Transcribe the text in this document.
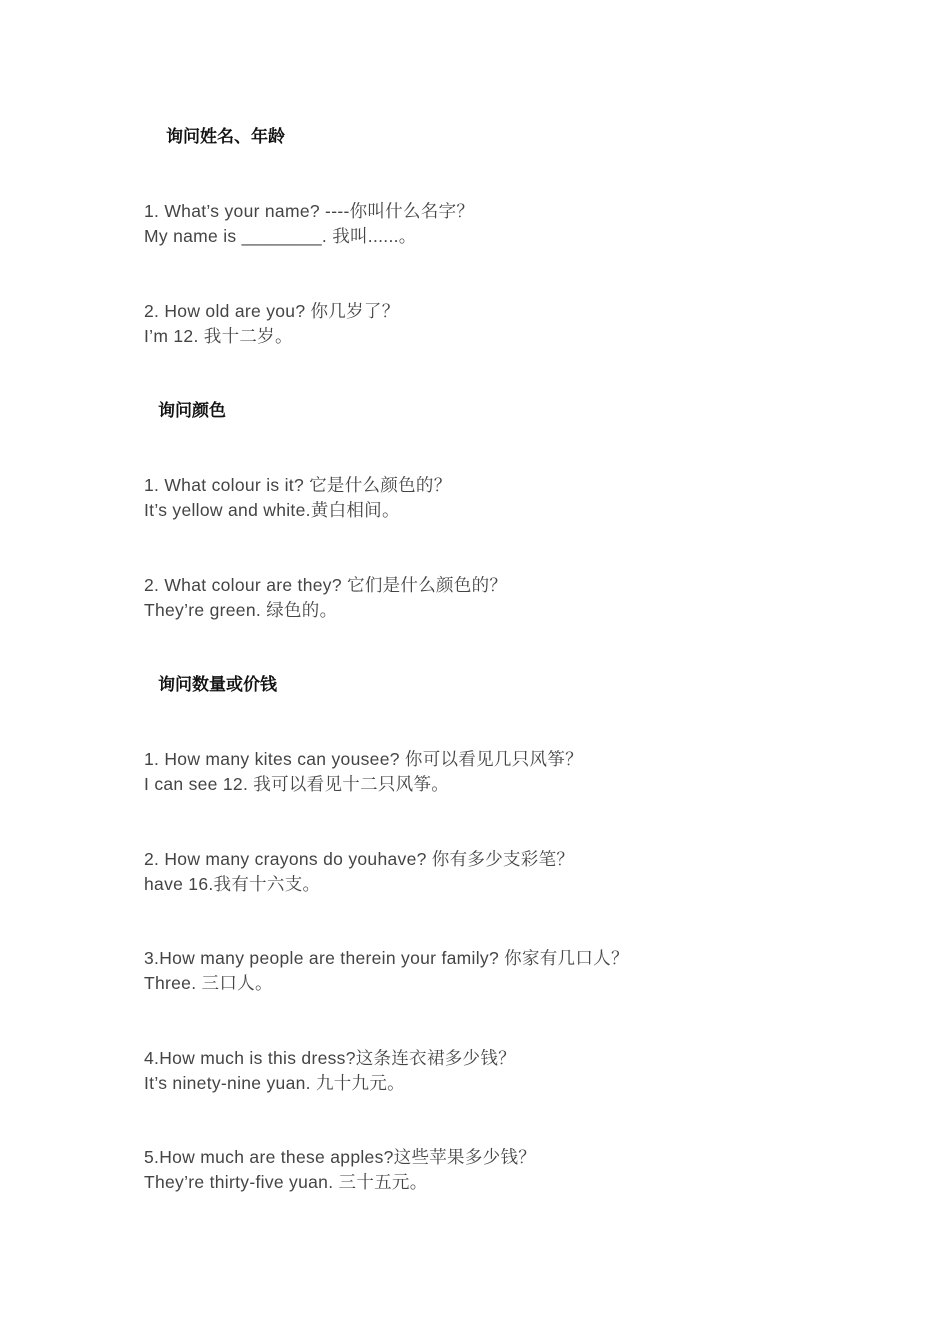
询问姓名、年龄
1. What’s your name? ----你叫什么名字？
My name is ________. 我叫......。
2. How old are you? 你几岁了？
I’m 12. 我十二岁。
询问颜色
1. What colour is it? 它是什么颜色的？
It’s yellow and white.黄白相间。
2. What colour are they? 它们是什么颜色的？
They’re green. 绿色的。
询问数量或价钱
1. How many kites can yousee? 你可以看见几只风筝？
I can see 12. 我可以看见十二只风筝。
2. How many crayons do youhave? 你有多少支彩笔？
have 16.我有十六支。
3.How many people are therein your family? 你家有几口人？
Three. 三口人。
4.How much is this dress?这条连衣裙多少钱？
It’s ninety-nine yuan. 九十九元。
5.How much are these apples?这些苹果多少钱？
They’re thirty-five yuan. 三十五元。
